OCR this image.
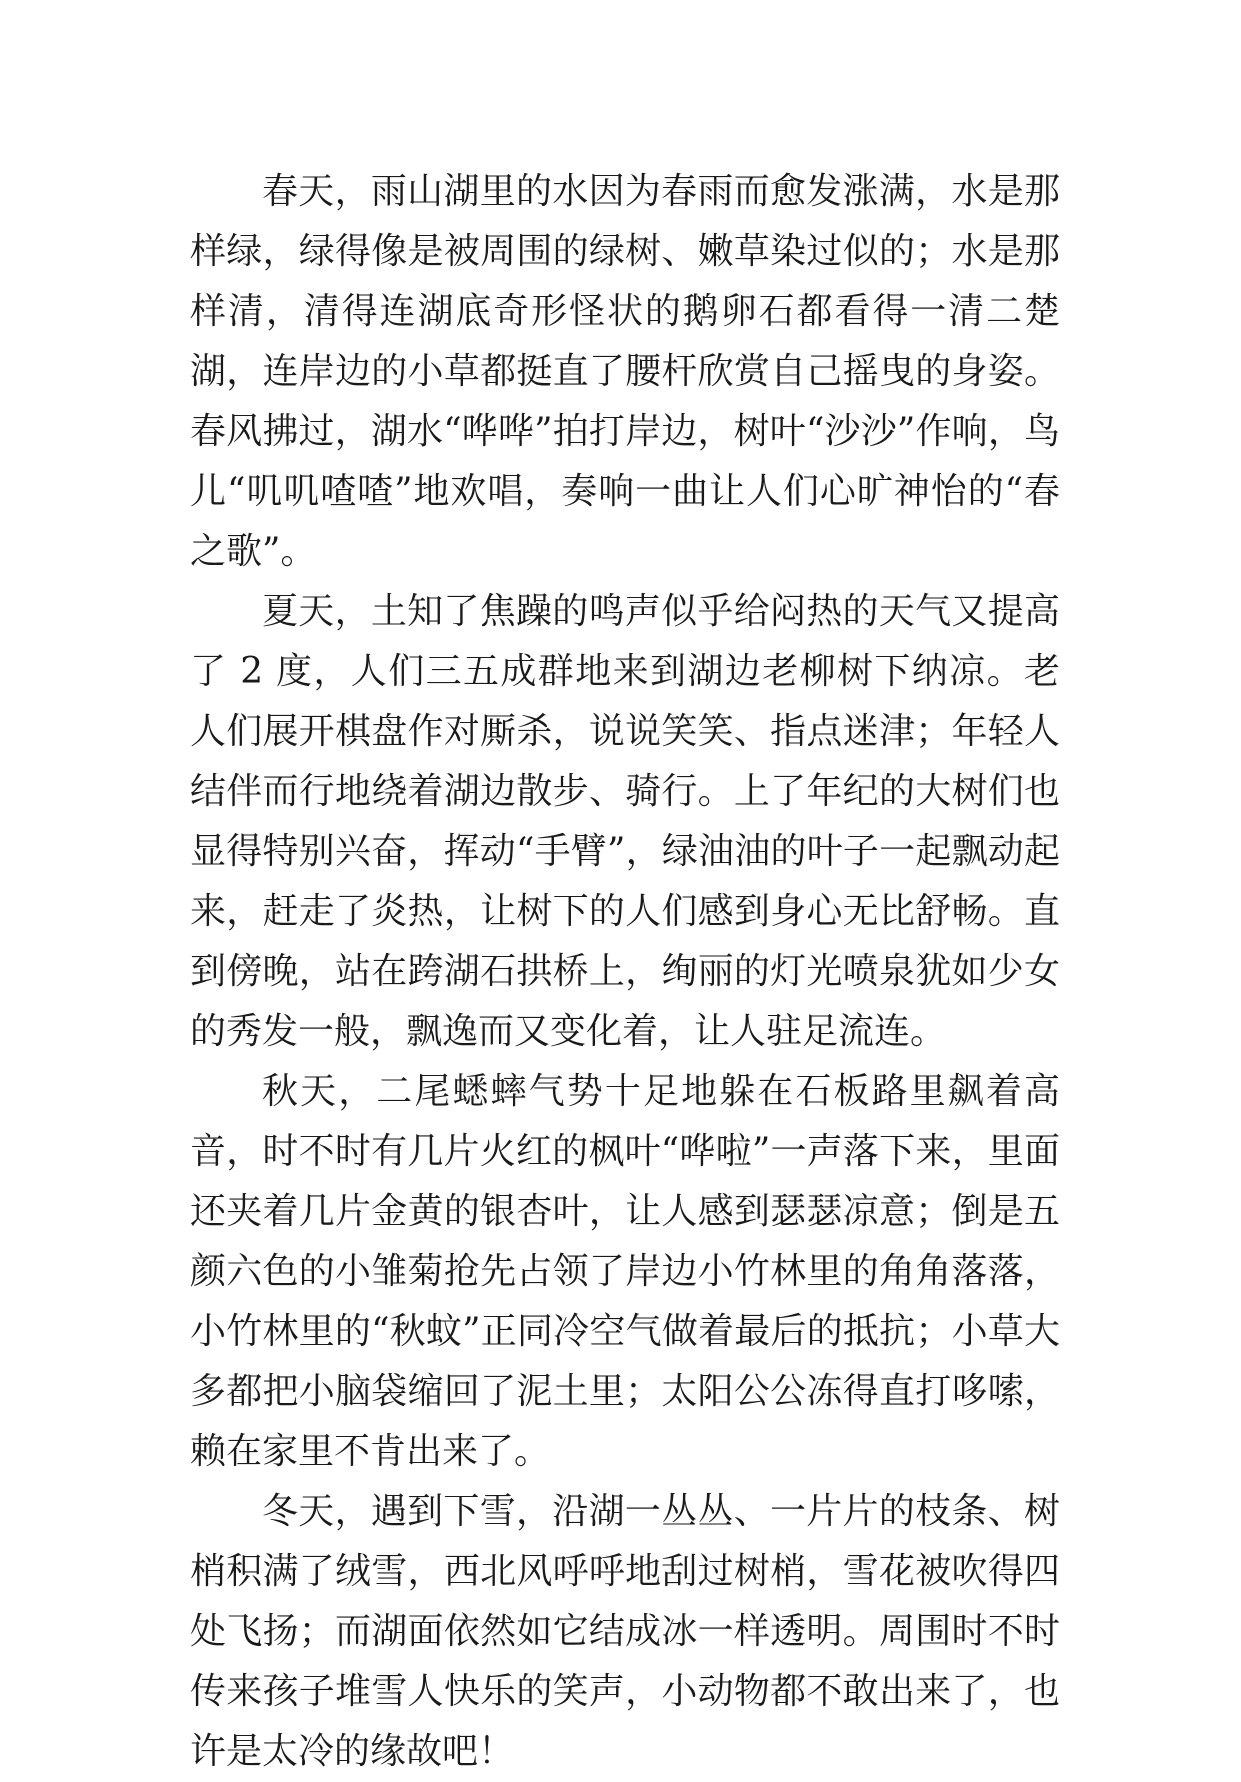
春天，雨山湖里的水因为春雨而愈发涨满，水是那样绿，绿得像是被周围的绿树、嫩草染过似的；水是那样清，清得连湖底奇形怪状的鹅卵石都看得一清二楚湖，连岸边的小草都挺直了腰杆欣赏自己摇曳的身姿。春风拂过，湖水“哗哗”拍打岸边，树叶“沙沙”作响，鸟儿“叽叽喳喳”地欢唱，奏响一曲让人们心旷神怡的“春之歌”。

夏天，土知了焦躁的鸣声似乎给闷热的天气又提高了 2 度，人们三五成群地来到湖边老柳树下纳凉。老人们展开棋盘作对厮杀，说说笑笑、指点迷津；年轻人结伴而行地绕着湖边散步、骑行。上了年纪的大树们也显得特别兴奋，挥动“手臂”，绿油油的叶子一起飘动起来，赶走了炎热，让树下的人们感到身心无比舒畅。直到傍晚，站在跨湖石拱桥上，绚丽的灯光喷泉犹如少女的秀发一般，飘逸而又变化着，让人驻足流连。

秋天，二尾蟋蟀气势十足地躲在石板路里飙着高音，时不时有几片火红的枫叶“哗啦”一声落下来，里面还夹着几片金黄的银杏叶，让人感到瑟瑟凉意；倒是五颜六色的小雏菊抢先占领了岸边小竹林里的角角落落，小竹林里的“秋蚊”正同冷空气做着最后的抵抗；小草大多都把小脑袋缩回了泥土里；太阳公公冻得直打哆嗦，赖在家里不肯出来了。

冬天，遇到下雪，沿湖一丛丛、一片片的枝条、树梢积满了绒雪，西北风呼呼地刮过树梢，雪花被吹得四处飞扬；而湖面依然如它结成冰一样透明。周围时不时传来孩子堆雪人快乐的笑声，小动物都不敢出来了，也许是太冷的缘故吧！
